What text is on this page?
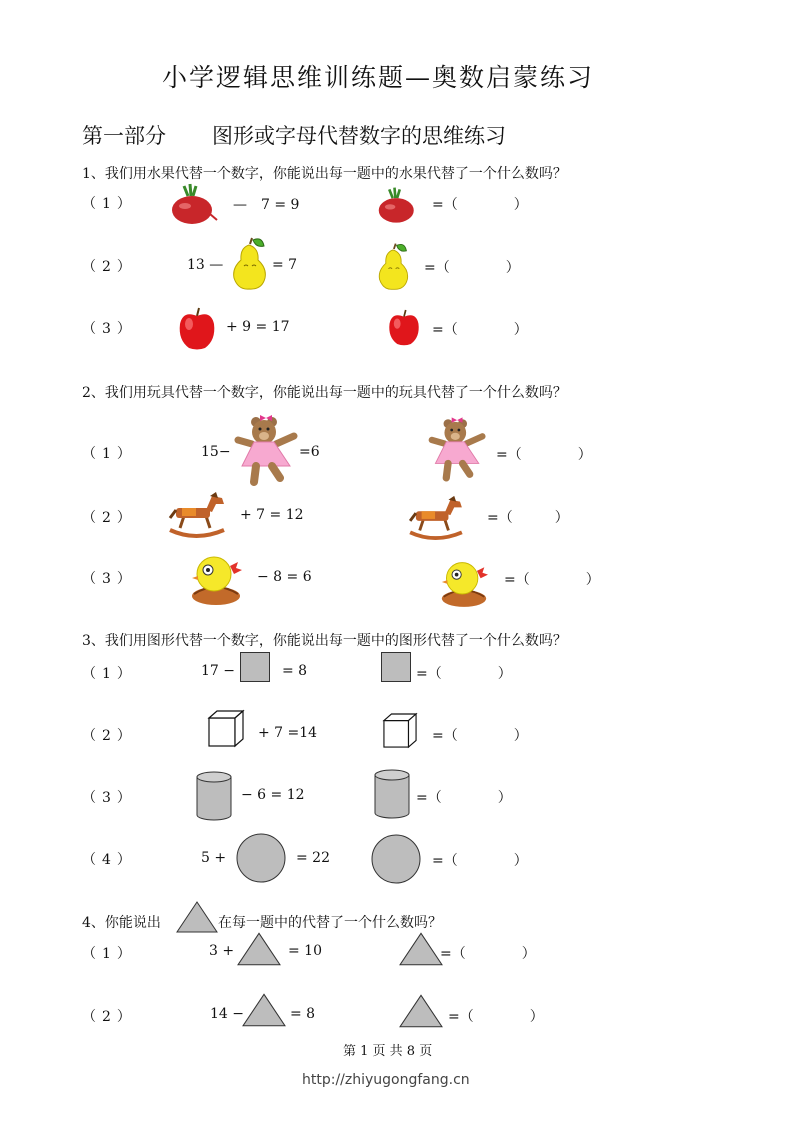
小学逻辑思维训练题—奥数启蒙练习
第一部分 图形或字母代替数字的思维练习
1、我们用水果代替一个数字，你能说出每一题中的水果代替了一个什么数吗？
（1）	—　7 = 9	=（　　　　）
（2）	13 —	= 7	=（　　　　）
（3）	+ 9 = 17	=（　　　　）
2、我们用玩具代替一个数字，你能说出每一题中的玩具代替了一个什么数吗？
（1）	15−	=6	=（　　　　）
（2）	+ 7 = 12	=（　　　）
（3）	− 8 = 6	=（　　　　）
3、我们用图形代替一个数字，你能说出每一题中的图形代替了一个什么数吗？
（1）	17 −	= 8	=（　　　　）
（2）	+ 7 =14	=（　　　　）
（3）	− 6 = 12	=（　　　　）
（4）	5 +	= 22	=（　　　　）
4、你能说出	在每一题中的代替了一个什么数吗？
（1）	3 +	= 10	=（　　　　）
（2）	14 −	= 8	=（　　　　）
第 1 页 共 8 页
http://zhiyugongfang.cn
